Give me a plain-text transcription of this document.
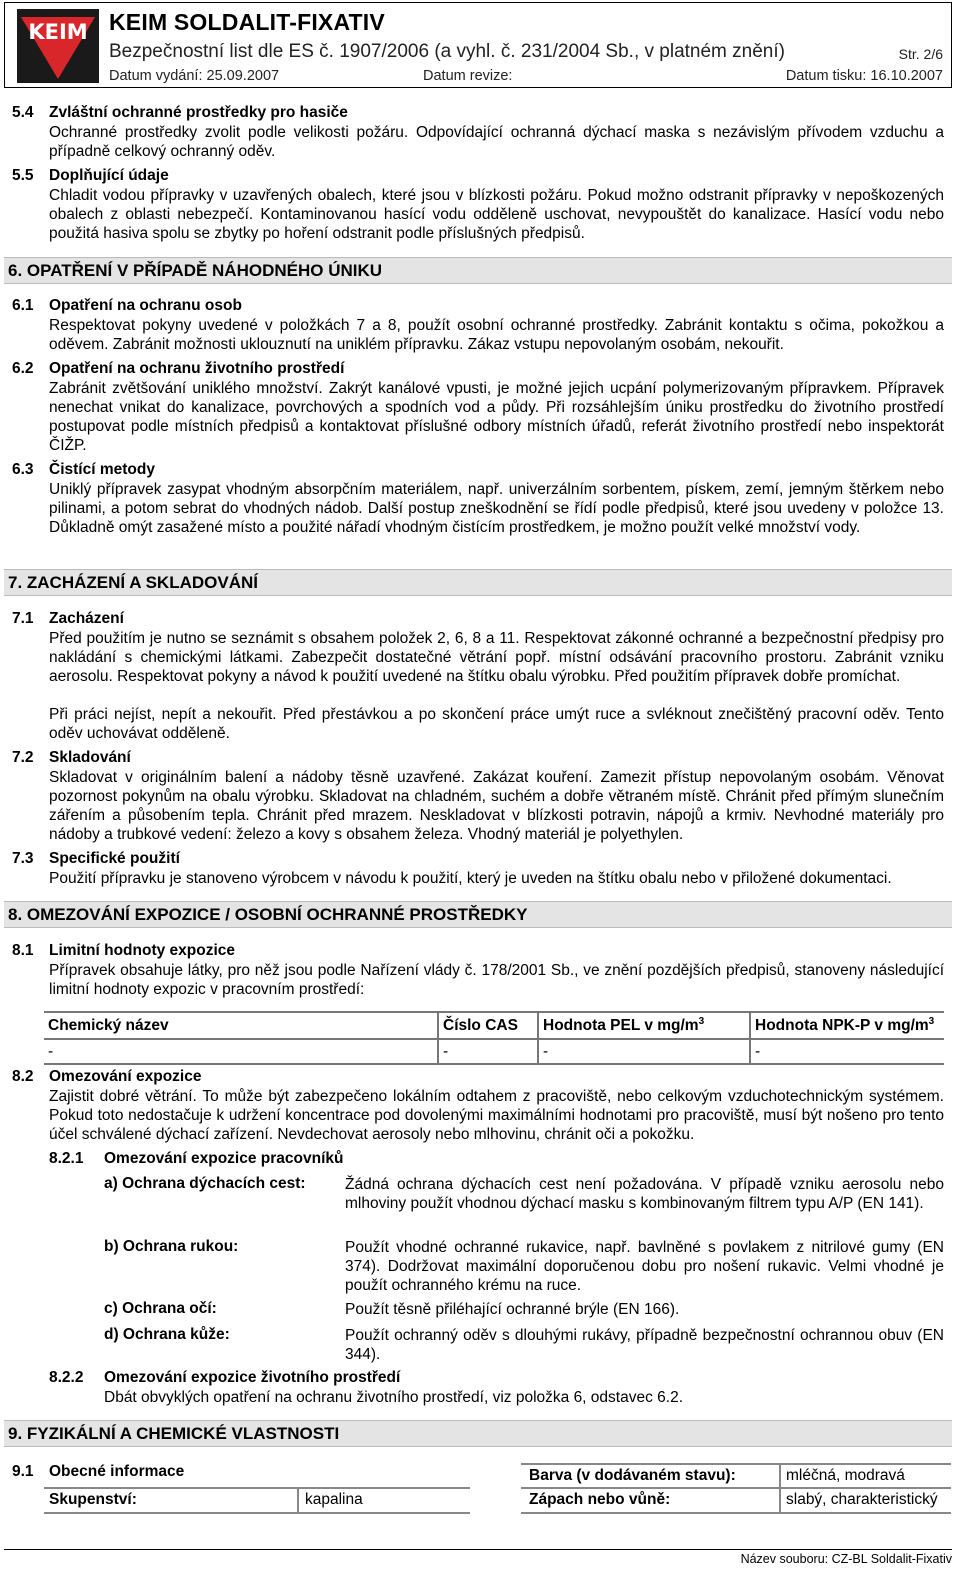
KEIM KEIM SOLDALIT-FIXATIV
Bezpečnostní list dle ES č. 1907/2006 (a vyhl. č. 231/2004 Sb., v platném znění)	Str. 2/6
Datum vydání: 25.09.2007	Datum revize:	Datum tisku: 16.10.2007
5.4 Zvláštní ochranné prostředky pro hasiče
Ochranné prostředky zvolit podle velikosti požáru. Odpovídající ochranná dýchací maska s nezávislým přívodem vzduchu a případně celkový ochranný oděv.
5.5 Doplňující údaje
Chladit vodou přípravky v uzavřených obalech, které jsou v blízkosti požáru. Pokud možno odstranit přípravky v nepoškozených obalech z oblasti nebezpečí. Kontaminovanou hasící vodu odděleně uschovat, nevypouštět do kanalizace. Hasící vodu nebo použitá hasiva spolu se zbytky po hoření odstranit podle příslušných předpisů.
6. OPATŘENÍ V PŘÍPADĚ NÁHODNÉHO ÚNIKU
6.1 Opatření na ochranu osob
Respektovat pokyny uvedené v položkách 7 a 8, použít osobní ochranné prostředky. Zabránit kontaktu s očima, pokožkou a oděvem. Zabránit možnosti uklouznutí na uniklém přípravku. Zákaz vstupu nepovolaným osobám, nekouřit.
6.2 Opatření na ochranu životního prostředí
Zabránit zvětšování uniklého množství. Zakrýt kanálové vpusti, je možné jejich ucpání polymerizovaným přípravkem. Přípravek nenechat vnikat do kanalizace, povrchových a spodních vod a půdy. Při rozsáhlejším úniku prostředku do životního prostředí postupovat podle místních předpisů a kontaktovat příslušné odbory místních úřadů, referát životního prostředí nebo inspektorát ČIŽP.
6.3 Čistící metody
Uniklý přípravek zasypat vhodným absorpčním materiálem, např. univerzálním sorbentem, pískem, zemí, jemným štěrkem nebo pilinami, a potom sebrat do vhodných nádob. Další postup zneškodnění se řídí podle předpisů, které jsou uvedeny v položce 13. Důkladně omýt zasažené místo a použité nářadí vhodným čistícím prostředkem, je možno použít velké množství vody.
7. ZACHÁZENÍ A SKLADOVÁNÍ
7.1 Zacházení
Před použitím je nutno se seznámit s obsahem položek 2, 6, 8 a 11. Respektovat zákonné ochranné a bezpečnostní předpisy pro nakládání s chemickými látkami. Zabezpečit dostatečné větrání popř. místní odsávání pracovního prostoru. Zabránit vzniku aerosolu. Respektovat pokyny a návod k použití uvedené na štítku obalu výrobku. Před použitím přípravek dobře promíchat.
Při práci nejíst, nepít a nekouřit. Před přestávkou a po skončení práce umýt ruce a svléknout znečištěný pracovní oděv. Tento oděv uchovávat odděleně.
7.2 Skladování
Skladovat v originálním balení a nádoby těsně uzavřené. Zakázat kouření. Zamezit přístup nepovolaným osobám. Věnovat pozornost pokynům na obalu výrobku. Skladovat na chladném, suchém a dobře větraném místě. Chránit před přímým slunečním zářením a působením tepla. Chránit před mrazem. Neskladovat v blízkosti potravin, nápojů a krmiv. Nevhodné materiály pro nádoby a trubkové vedení: železo a kovy s obsahem železa. Vhodný materiál je polyethylen.
7.3 Specifické použití
Použití přípravku je stanoveno výrobcem v návodu k použití, který je uveden na štítku obalu nebo v přiložené dokumentaci.
8. OMEZOVÁNÍ EXPOZICE / OSOBNÍ OCHRANNÉ PROSTŘEDKY
8.1 Limitní hodnoty expozice
Přípravek obsahuje látky, pro něž jsou podle Nařízení vlády č. 178/2001 Sb., ve znění pozdějších předpisů, stanoveny následující limitní hodnoty expozic v pracovním prostředí:
Chemický název	Číslo CAS	Hodnota PEL v $mg/m^3$	Hodnota NPK-P v $mg/m^3$
-	-	-	-
8.2 Omezování expozice
Zajistit dobré větrání. To může být zabezpečeno lokálním odtahem z pracoviště, nebo celkovým vzduchotechnickým systémem. Pokud toto nedostačuje k udržení koncentrace pod dovolenými maximálními hodnotami pro pracoviště, musí být nošeno pro tento účel schválené dýchací zařízení. Nevdechovat aerosoly nebo mlhovinu, chránit oči a pokožku.
8.2.1 Omezování expozice pracovníků
a) Ochrana dýchacích cest:	Žádná ochrana dýchacích cest není požadována. V případě vzniku aerosolu nebo mlhoviny použít vhodnou dýchací masku s kombinovaným filtrem typu A/P (EN 141).
b) Ochrana rukou:	Použít vhodné ochranné rukavice, např. bavlněné s povlakem z nitrilové gumy (EN 374). Dodržovat maximální doporučenou dobu pro nošení rukavic. Velmi vhodné je použít ochranného krému na ruce.
c) Ochrana očí:	Použít těsně přiléhající ochranné brýle (EN 166).
d) Ochrana kůže:	Použít ochranný oděv s dlouhými rukávy, případně bezpečnostní ochrannou obuv (EN 344).
8.2.2 Omezování expozice životního prostředí
Dbát obvyklých opatření na ochranu životního prostředí, viz položka 6, odstavec 6.2.
9. FYZIKÁLNÍ A CHEMICKÉ VLASTNOSTI
9.1 Obecné informace
Skupenství:	kapalina
Barva (v dodávaném stavu):	mléčná, modravá
Zápach nebo vůně:	slabý, charakteristický
Název souboru: CZ-BL Soldalit-Fixativ
